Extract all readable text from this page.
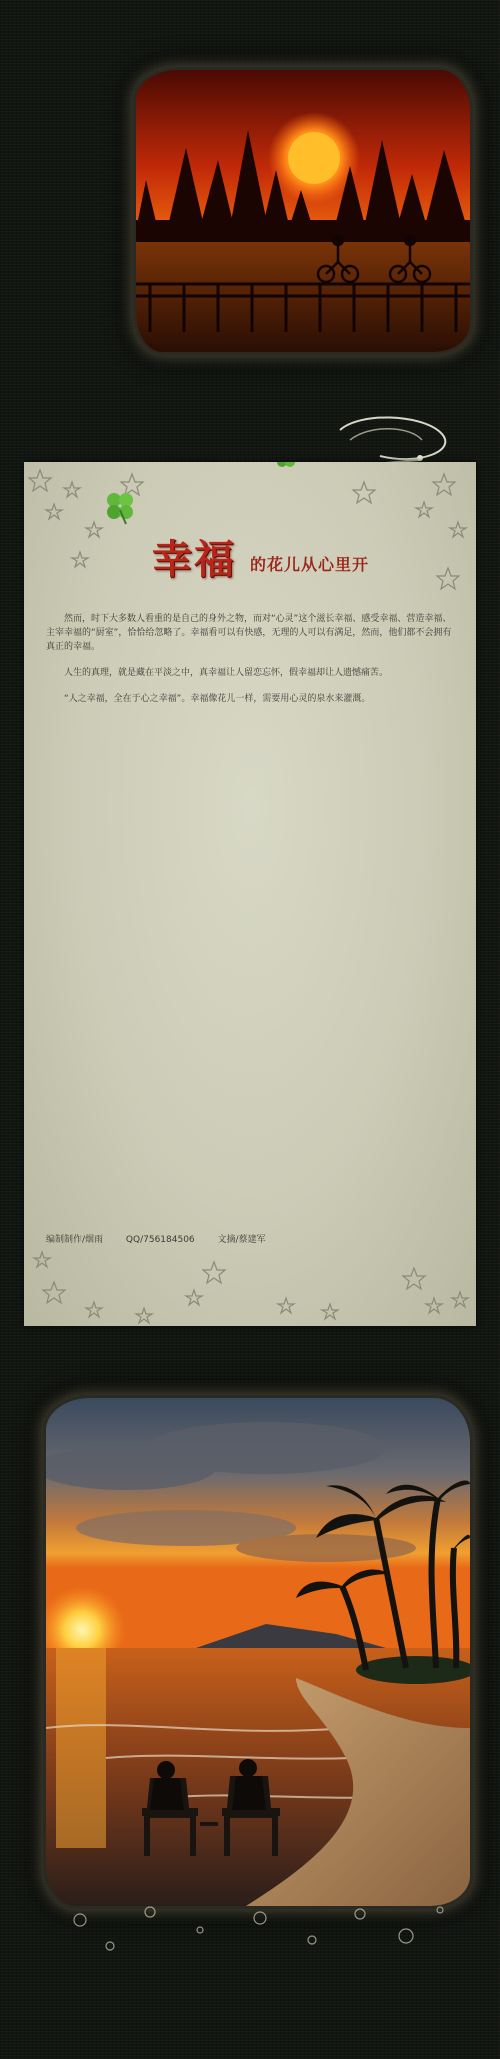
幸福 的花儿从心里开

然而，时下大多数人看重的是自己的身外之物，而对“心灵”这个滋长幸福、感受幸福、营造幸福、主宰幸福的“厨室”，恰恰给忽略了。幸福看可以有快感，无理的人可以有满足，然而，他们都不会拥有真正的幸福。

人生的真理，就是藏在平淡之中，真幸福让人留恋忘怀，假幸福却让人遗憾痛苦。

“人之幸福，全在于心之幸福”。幸福像花儿一样，需要用心灵的泉水来灌溉。

编制制作/烟雨        QQ/756184506        文摘/蔡建军
